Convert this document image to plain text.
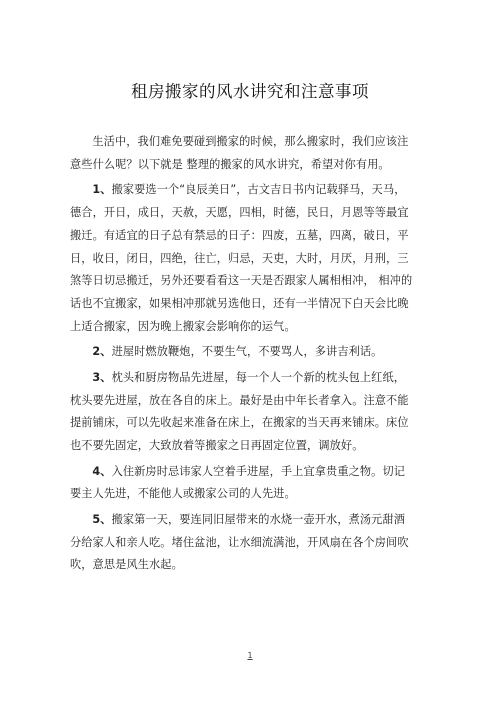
租房搬家的风水讲究和注意事项

生活中，我们难免要碰到搬家的时候，那么搬家时，我们应该注

意些什么呢？以下就是 整理的搬家的风水讲究，希望对你有用。

1、搬家要选一个“良辰美日”，古文吉日书内记载驿马，天马，

德合，开日，成日，天赦，天愿，四相，时德，民日，月恩等等最宜

搬迁。有适宜的日子总有禁忌的日子：四废，五墓，四离，破日，平

日，收日，闭日，四绝，往亡，归忌，天吏，大时，月厌，月刑，三

煞等日切忌搬迁，另外还要看看这一天是否跟家人属相相冲， 相冲的

话也不宜搬家，如果相冲那就另选他日，还有一半情况下白天会比晚

上适合搬家，因为晚上搬家会影响你的运气。

2、进屋时燃放鞭炮，不要生气，不要骂人，多讲吉利话。

3、枕头和厨房物品先进屋，每一个人一个新的枕头包上红纸，

枕头要先进屋，放在各自的床上。最好是由中年长者拿入。注意不能

提前铺床，可以先收起来准备在床上，在搬家的当天再来铺床。床位

也不要先固定，大致放着等搬家之日再固定位置，调放好。

4、入住新房时忌讳家人空着手进屋，手上宜拿贵重之物。切记

要主人先进，不能他人或搬家公司的人先进。

5、搬家第一天，要连同旧屋带来的水烧一壶开水，煮汤元甜酒

分给家人和亲人吃。堵住盆池，让水细流满池，开风扇在各个房间吹

吹，意思是风生水起。

1
